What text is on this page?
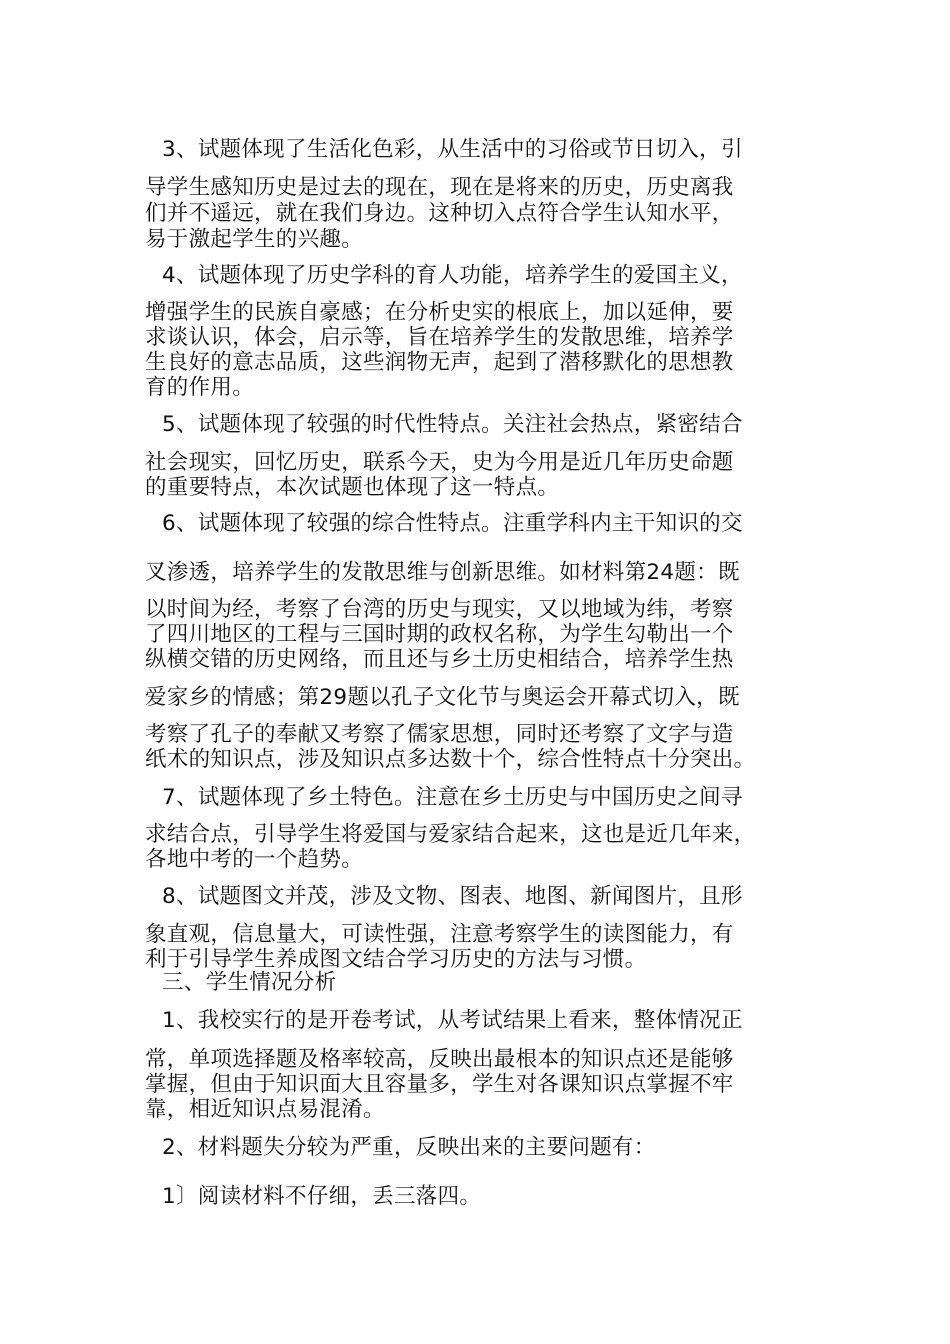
3、试题体现了生活化色彩，从生活中的习俗或节日切入，引

导学生感知历史是过去的现在，现在是将来的历史，历史离我

们并不遥远，就在我们身边。这种切入点符合学生认知水平，

易于激起学生的兴趣。

4、试题体现了历史学科的育人功能，培养学生的爱国主义，

增强学生的民族自豪感；在分析史实的根底上，加以延伸，要

求谈认识，体会，启示等，旨在培养学生的发散思维，培养学

生良好的意志品质，这些润物无声，起到了潜移默化的思想教

育的作用。

5、试题体现了较强的时代性特点。关注社会热点，紧密结合

社会现实，回忆历史，联系今天，史为今用是近几年历史命题

的重要特点，本次试题也体现了这一特点。

6、试题体现了较强的综合性特点。注重学科内主干知识的交

叉渗透，培养学生的发散思维与创新思维。如材料第24题：既

以时间为经，考察了台湾的历史与现实，又以地域为纬，考察

了四川地区的工程与三国时期的政权名称，为学生勾勒出一个

纵横交错的历史网络，而且还与乡土历史相结合，培养学生热

爱家乡的情感；第29题以孔子文化节与奥运会开幕式切入，既

考察了孔子的奉献又考察了儒家思想，同时还考察了文字与造

纸术的知识点，涉及知识点多达数十个，综合性特点十分突出。

7、试题体现了乡土特色。注意在乡土历史与中国历史之间寻

求结合点，引导学生将爱国与爱家结合起来，这也是近几年来，

各地中考的一个趋势。

8、试题图文并茂，涉及文物、图表、地图、新闻图片，且形

象直观，信息量大，可读性强，注意考察学生的读图能力，有

利于引导学生养成图文结合学习历史的方法与习惯。

三、学生情况分析

1、我校实行的是开卷考试，从考试结果上看来，整体情况正

常，单项选择题及格率较高，反映出最根本的知识点还是能够

掌握，但由于知识面大且容量多，学生对各课知识点掌握不牢

靠，相近知识点易混淆。

2、材料题失分较为严重，反映出来的主要问题有：

1〕阅读材料不仔细，丢三落四。
